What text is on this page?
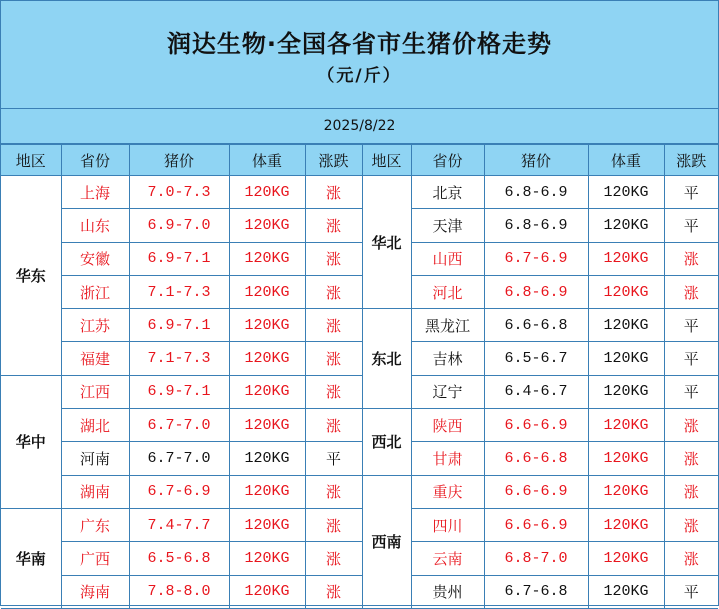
润达生物·全国各省市生猪价格走势
（元/斤）
2025/8/22
地区	省份	猪价	体重	涨跌	地区	省份	猪价	体重	涨跌
华东	上海	7.0-7.3	120KG	涨	华北	北京	6.8-6.9	120KG	平
	山东	6.9-7.0	120KG	涨		天津	6.8-6.9	120KG	平
	安徽	6.9-7.1	120KG	涨		山西	6.7-6.9	120KG	涨
	浙江	7.1-7.3	120KG	涨		河北	6.8-6.9	120KG	涨
	江苏	6.9-7.1	120KG	涨	东北	黑龙江	6.6-6.8	120KG	平
	福建	7.1-7.3	120KG	涨		吉林	6.5-6.7	120KG	平
华中	江西	6.9-7.1	120KG	涨		辽宁	6.4-6.7	120KG	平
	湖北	6.7-7.0	120KG	涨	西北	陕西	6.6-6.9	120KG	涨
	河南	6.7-7.0	120KG	平		甘肃	6.6-6.8	120KG	涨
	湖南	6.7-6.9	120KG	涨	西南	重庆	6.6-6.9	120KG	涨
华南	广东	7.4-7.7	120KG	涨		四川	6.6-6.9	120KG	涨
	广西	6.5-6.8	120KG	涨		云南	6.8-7.0	120KG	涨
	海南	7.8-8.0	120KG	涨		贵州	6.7-6.8	120KG	平
